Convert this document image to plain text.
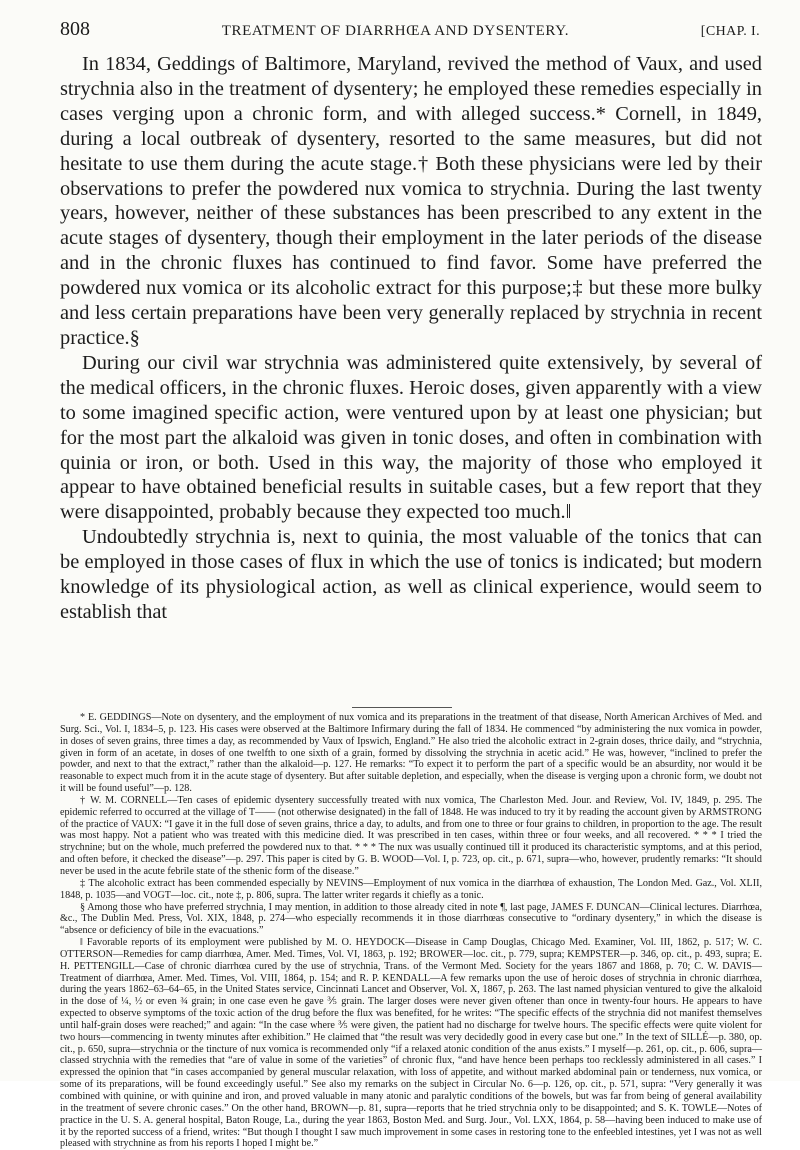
808	TREATMENT OF DIARRHŒA AND DYSENTERY.	[CHAP. I.

In 1834, Geddings of Baltimore, Maryland, revived the method of Vaux, and used strychnia also in the treatment of dysentery; he employed these remedies especially in cases verging upon a chronic form, and with alleged success.* Cornell, in 1849, during a local outbreak of dysentery, resorted to the same measures, but did not hesitate to use them during the acute stage.† Both these physicians were led by their observations to prefer the powdered nux vomica to strychnia. During the last twenty years, however, neither of these substances has been prescribed to any extent in the acute stages of dysentery, though their employment in the later periods of the disease and in the chronic fluxes has continued to find favor. Some have preferred the powdered nux vomica or its alcoholic extract for this purpose;‡ but these more bulky and less certain preparations have been very generally replaced by strychnia in recent practice.§

During our civil war strychnia was administered quite extensively, by several of the medical officers, in the chronic fluxes. Heroic doses, given apparently with a view to some imagined specific action, were ventured upon by at least one physician; but for the most part the alkaloid was given in tonic doses, and often in combination with quinia or iron, or both. Used in this way, the majority of those who employed it appear to have obtained beneficial results in suitable cases, but a few report that they were disappointed, probably because they expected too much.‖

Undoubtedly strychnia is, next to quinia, the most valuable of the tonics that can be employed in those cases of flux in which the use of tonics is indicated; but modern knowledge of its physiological action, as well as clinical experience, would seem to establish that

* E. GEDDINGS—Note on dysentery, and the employment of nux vomica and its preparations in the treatment of that disease, North American Archives of Med. and Surg. Sci., Vol. I, 1834–5, p. 123. His cases were observed at the Baltimore Infirmary during the fall of 1834. He commenced “by administering the nux vomica in powder, in doses of seven grains, three times a day, as recommended by Vaux of Ipswich, England.” He also tried the alcoholic extract in 2-grain doses, thrice daily, and “strychnia, given in form of an acetate, in doses of one twelfth to one sixth of a grain, formed by dissolving the strychnia in acetic acid.” He was, however, “inclined to prefer the powder, and next to that the extract,” rather than the alkaloid—p. 127. He remarks: “To expect it to perform the part of a specific would be an absurdity, nor would it be reasonable to expect much from it in the acute stage of dysentery. But after suitable depletion, and especially, when the disease is verging upon a chronic form, we doubt not it will be found useful”—p. 128.

† W. M. CORNELL—Ten cases of epidemic dysentery successfully treated with nux vomica, The Charleston Med. Jour. and Review, Vol. IV, 1849, p. 295. The epidemic referred to occurred at the village of T—— (not otherwise designated) in the fall of 1848. He was induced to try it by reading the account given by ARMSTRONG of the practice of VAUX: “I gave it in the full dose of seven grains, thrice a day, to adults, and from one to three or four grains to children, in proportion to the age. The result was most happy. Not a patient who was treated with this medicine died. It was prescribed in ten cases, within three or four weeks, and all recovered. * * * I tried the strychnine; but on the whole, much preferred the powdered nux to that. * * * The nux was usually continued till it produced its characteristic symptoms, and at this period, and often before, it checked the disease”—p. 297. This paper is cited by G. B. WOOD—Vol. I, p. 723, op. cit., p. 671, supra—who, however, prudently remarks: “It should never be used in the acute febrile state of the sthenic form of the disease.”

‡ The alcoholic extract has been commended especially by NEVINS—Employment of nux vomica in the diarrhœa of exhaustion, The London Med. Gaz., Vol. XLII, 1848, p. 1035—and VOGT—loc. cit., note ‡, p. 806, supra. The latter writer regards it chiefly as a tonic.

§ Among those who have preferred strychnia, I may mention, in addition to those already cited in note ¶, last page, JAMES F. DUNCAN—Clinical lectures. Diarrhœa, &c., The Dublin Med. Press, Vol. XIX, 1848, p. 274—who especially recommends it in those diarrhœas consecutive to “ordinary dysentery,” in which the disease is “absence or deficiency of bile in the evacuations.”

‖ Favorable reports of its employment were published by M. O. HEYDOCK—Disease in Camp Douglas, Chicago Med. Examiner, Vol. III, 1862, p. 517; W. C. OTTERSON—Remedies for camp diarrhœa, Amer. Med. Times, Vol. VI, 1863, p. 192; BROWER—loc. cit., p. 779, supra; KEMPSTER—p. 346, op. cit., p. 493, supra; E. H. PETTENGILL—Case of chronic diarrhœa cured by the use of strychnia, Trans. of the Vermont Med. Society for the years 1867 and 1868, p. 70; C. W. DAVIS—Treatment of diarrhœa, Amer. Med. Times, Vol. VIII, 1864, p. 154; and R. P. KENDALL—A few remarks upon the use of heroic doses of strychnia in chronic diarrhœa, during the years 1862–63–64–65, in the United States service, Cincinnati Lancet and Observer, Vol. X, 1867, p. 263. The last named physician ventured to give the alkaloid in the dose of ¼, ½ or even ¾ grain; in one case even he gave ⅗ grain. The larger doses were never given oftener than once in twenty-four hours. He appears to have expected to observe symptoms of the toxic action of the drug before the flux was benefited, for he writes: “The specific effects of the strychnia did not manifest themselves until half-grain doses were reached;” and again: “In the case where ⅗ were given, the patient had no discharge for twelve hours. The specific effects were quite violent for two hours—commencing in twenty minutes after exhibition.” He claimed that “the result was very decidedly good in every case but one.” In the text of SILLÉ—p. 380, op. cit., p. 650, supra—strychnia or the tincture of nux vomica is recommended only “if a relaxed atonic condition of the anus exists.” I myself—p. 261, op. cit., p. 606, supra—classed strychnia with the remedies that “are of value in some of the varieties” of chronic flux, “and have hence been perhaps too recklessly administered in all cases.” I expressed the opinion that “in cases accompanied by general muscular relaxation, with loss of appetite, and without marked abdominal pain or tenderness, nux vomica, or some of its preparations, will be found exceedingly useful.” See also my remarks on the subject in Circular No. 6—p. 126, op. cit., p. 571, supra: “Very generally it was combined with quinine, or with quinine and iron, and proved valuable in many atonic and paralytic conditions of the bowels, but was far from being of general availability in the treatment of severe chronic cases.” On the other hand, BROWN—p. 81, supra—reports that he tried strychnia only to be disappointed; and S. K. TOWLE—Notes of practice in the U. S. A. general hospital, Baton Rouge, La., during the year 1863, Boston Med. and Surg. Jour., Vol. LXX, 1864, p. 58—having been induced to make use of it by the reported success of a friend, writes: “But though I thought I saw much improvement in some cases in restoring tone to the enfeebled intestines, yet I was not as well pleased with strychnine as from his reports I hoped I might be.”
